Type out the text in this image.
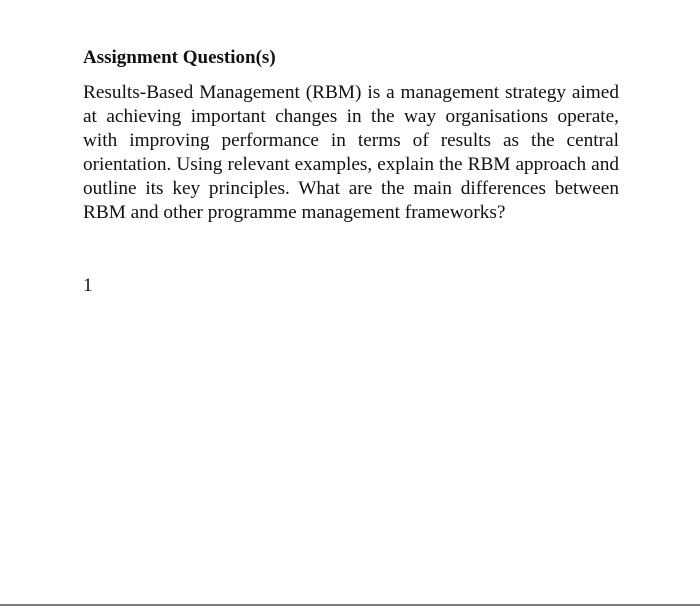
Assignment Question(s)

Results-Based Management (RBM) is a management strategy aimed at achieving important changes in the way organisations operate, with improving performance in terms of results as the central orientation. Using relevant examples, explain the RBM approach and outline its key principles. What are the main differences between RBM and other programme management frameworks?

1
